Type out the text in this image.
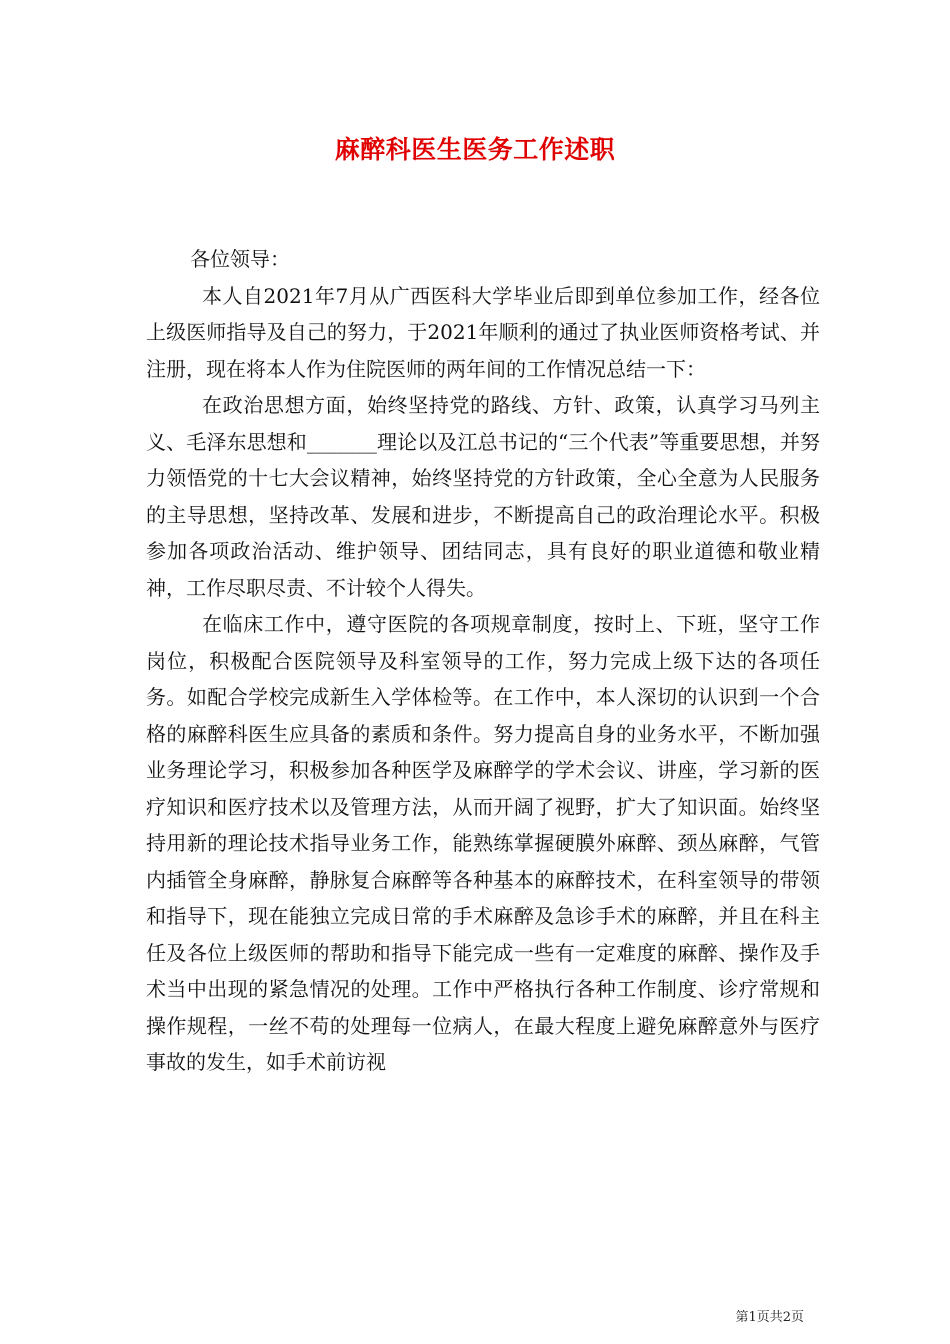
麻醉科医生医务工作述职

各位领导：

本人自2021年7月从广西医科大学毕业后即到单位参加工作，经各位上级医师指导及自己的努力，于2021年顺利的通过了执业医师资格考试、并注册，现在将本人作为住院医师的两年间的工作情况总结一下：

在政治思想方面，始终坚持党的路线、方针、政策，认真学习马列主义、毛泽东思想和_______理论以及江总书记的“三个代表”等重要思想，并努力领悟党的十七大会议精神，始终坚持党的方针政策，全心全意为人民服务的主导思想，坚持改革、发展和进步，不断提高自己的政治理论水平。积极参加各项政治活动、维护领导、团结同志，具有良好的职业道德和敬业精神，工作尽职尽责、不计较个人得失。

在临床工作中，遵守医院的各项规章制度，按时上、下班，坚守工作岗位，积极配合医院领导及科室领导的工作，努力完成上级下达的各项任务。如配合学校完成新生入学体检等。在工作中，本人深切的认识到一个合格的麻醉科医生应具备的素质和条件。努力提高自身的业务水平，不断加强业务理论学习，积极参加各种医学及麻醉学的学术会议、讲座，学习新的医疗知识和医疗技术以及管理方法，从而开阔了视野，扩大了知识面。始终坚持用新的理论技术指导业务工作，能熟练掌握硬膜外麻醉、颈丛麻醉，气管内插管全身麻醉，静脉复合麻醉等各种基本的麻醉技术，在科室领导的带领和指导下，现在能独立完成日常的手术麻醉及急诊手术的麻醉，并且在科主任及各位上级医师的帮助和指导下能完成一些有一定难度的麻醉、操作及手术当中出现的紧急情况的处理。工作中严格执行各种工作制度、诊疗常规和操作规程，一丝不苟的处理每一位病人，在最大程度上避免麻醉意外与医疗事故的发生，如手术前访视

第1页共2页
